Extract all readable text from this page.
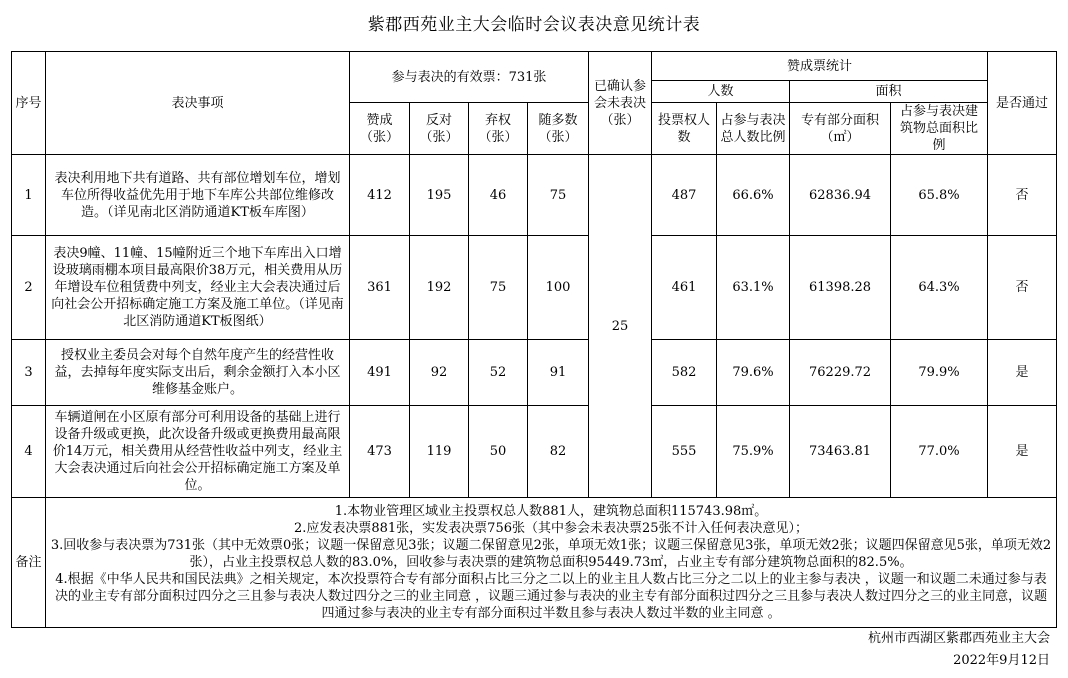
紫郡西苑业主大会临时会议表决意见统计表
序号	表决事项	参与表决的有效票：731张				已确认参会未表决（张）	赞成票统计				是否通过
							人数		面积		
		赞成（张）	反对（张）	弃权（张）	随多数（张）		投票权人数	占参与表决总人数比例	专有部分面积（㎡）	占参与表决建筑物总面积比例	
1	表决利用地下共有道路、共有部位增划车位，增划车位所得收益优先用于地下车库公共部位维修改造。（详见南北区消防通道KT板车库图）	412	195	46	75	25	487	66.6%	62836.94	65.8%	否
2	表决9幢、11幢、15幢附近三个地下车库出入口增设玻璃雨棚本项目最高限价38万元，相关费用从历年增设车位租赁费中列支，经业主大会表决通过后向社会公开招标确定施工方案及施工单位。（详见南北区消防通道KT板图纸）	361	192	75	100		461	63.1%	61398.28	64.3%	否
3	授权业主委员会对每个自然年度产生的经营性收益，去掉每年度实际支出后，剩余金额打入本小区维修基金账户。	491	92	52	91		582	79.6%	76229.72	79.9%	是
4	车辆道闸在小区原有部分可利用设备的基础上进行设备升级或更换，此次设备升级或更换费用最高限价14万元，相关费用从经营性收益中列支，经业主大会表决通过后向社会公开招标确定施工方案及单位。	473	119	50	82		555	75.9%	73463.81	77.0%	是
备注	1.本物业管理区域业主投票权总人数881人，建筑物总面积115743.98㎡。

2.应发表决票881张，实发表决票756张（其中参会未表决票25张不计入任何表决意见）；

3.回收参与表决票为731张（其中无效票0张；议题一保留意见3张；议题二保留意见2张，单项无效1张；议题三保留意见3张，单项无效2张；议题四保留意见5张，单项无效2张），占业主投票权总人数的83.0%，回收参与表决票的建筑物总面积95449.73㎡，占业主专有部分建筑物总面积的82.5%。

4.根据《中华人民共和国民法典》之相关规定，本次投票符合专有部分面积占比三分之二以上的业主且人数占比三分之二以上的业主参与表决 ，议题一和议题二未通过参与表决的业主专有部分面积过四分之三且参与表决人数过四分之三的业主同意 ，议题三通过参与表决的业主专有部分面积过四分之三且参与表决人数过四分之三的业主同意，议题四通过参与表决的业主专有部分面积过半数且参与表决人数过半数的业主同意 。										

杭州市西湖区紫郡西苑业主大会
2022年9月12日
